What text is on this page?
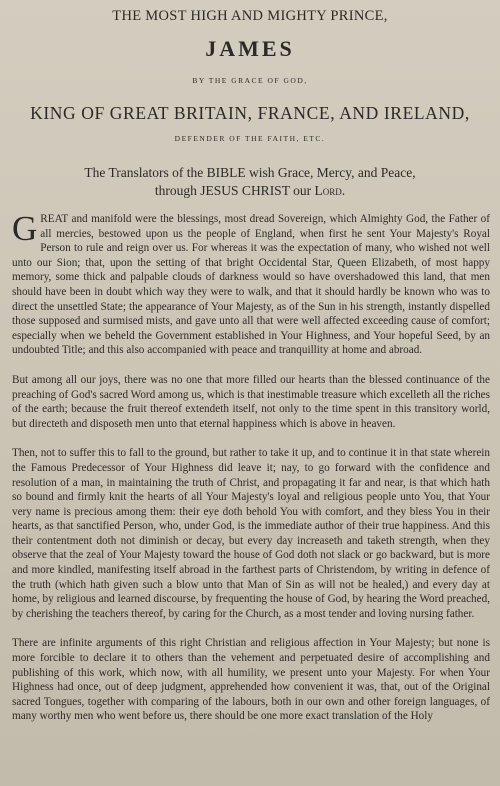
THE MOST HIGH AND MIGHTY PRINCE,
JAMES
BY THE GRACE OF GOD,
KING OF GREAT BRITAIN, FRANCE, AND IRELAND,
DEFENDER OF THE FAITH, ETC.
The Translators of the BIBLE wish Grace, Mercy, and Peace,
through JESUS CHRIST our Lord.

GREAT and manifold were the blessings, most dread Sovereign, which Almighty God, the Father of all mercies, bestowed upon us the people of England, when first he sent Your Majesty's Royal Person to rule and reign over us. For whereas it was the expectation of many, who wished not well unto our Sion; that, upon the setting of that bright Occidental Star, Queen Elizabeth, of most happy memory, some thick and palpable clouds of darkness would so have overshadowed this land, that men should have been in doubt which way they were to walk, and that it should hardly be known who was to direct the unsettled State; the appearance of Your Majesty, as of the Sun in his strength, instantly dispelled those supposed and surmised mists, and gave unto all that were well affected exceeding cause of comfort; especially when we beheld the Government established in Your Highness, and Your hopeful Seed, by an undoubted Title; and this also accompanied with peace and tranquillity at home and abroad.

But among all our joys, there was no one that more filled our hearts than the blessed continuance of the preaching of God's sacred Word among us, which is that inestimable treasure which excelleth all the riches of the earth; because the fruit thereof extendeth itself, not only to the time spent in this transitory world, but directeth and disposeth men unto that eternal happiness which is above in heaven.

Then, not to suffer this to fall to the ground, but rather to take it up, and to continue it in that state wherein the Famous Predecessor of Your Highness did leave it; nay, to go forward with the confidence and resolution of a man, in maintaining the truth of Christ, and propagating it far and near, is that which hath so bound and firmly knit the hearts of all Your Majesty's loyal and religious people unto You, that Your very name is precious among them: their eye doth behold You with comfort, and they bless You in their hearts, as that sanctified Person, who, under God, is the immediate author of their true happiness. And this their contentment doth not diminish or decay, but every day increaseth and taketh strength, when they observe that the zeal of Your Majesty toward the house of God doth not slack or go backward, but is more and more kindled, manifesting itself abroad in the farthest parts of Christendom, by writing in defence of the truth (which hath given such a blow unto that Man of Sin as will not be healed,) and every day at home, by religious and learned discourse, by frequenting the house of God, by hearing the Word preached, by cherishing the teachers thereof, by caring for the Church, as a most tender and loving nursing father.

There are infinite arguments of this right Christian and religious affection in Your Majesty; but none is more forcible to declare it to others than the vehement and perpetuated desire of accomplishing and publishing of this work, which now, with all humility, we present unto your Majesty. For when Your Highness had once, out of deep judgment, apprehended how convenient it was, that, out of the Original sacred Tongues, together with comparing of the labours, both in our own and other foreign languages, of many worthy men who went before us, there should be one more exact translation of the Holy
